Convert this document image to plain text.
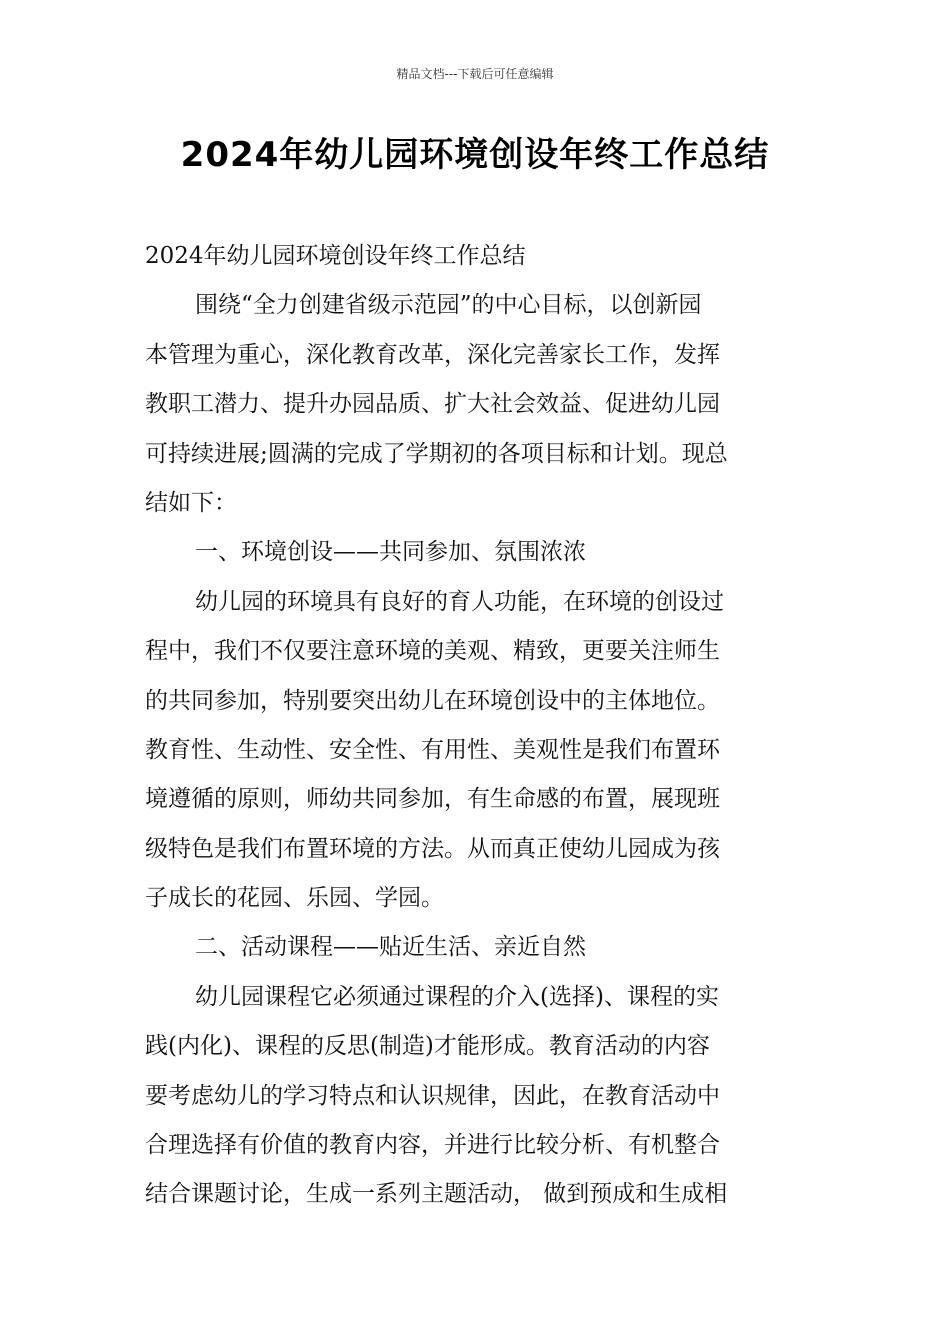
精品文档---下载后可任意编辑
2024年幼儿园环境创设年终工作总结
2024年幼儿园环境创设年终工作总结
围绕“全力创建省级示范园”的中心目标，以创新园
本管理为重心，深化教育改革，深化完善家长工作，发挥
教职工潜力、提升办园品质、扩大社会效益、促进幼儿园
可持续进展;圆满的完成了学期初的各项目标和计划。现总
结如下：
一、环境创设——共同参加、氛围浓浓
幼儿园的环境具有良好的育人功能，在环境的创设过
程中，我们不仅要注意环境的美观、精致，更要关注师生
的共同参加，特别要突出幼儿在环境创设中的主体地位。
教育性、生动性、安全性、有用性、美观性是我们布置环
境遵循的原则，师幼共同参加，有生命感的布置，展现班
级特色是我们布置环境的方法。从而真正使幼儿园成为孩
子成长的花园、乐园、学园。
二、活动课程——贴近生活、亲近自然
幼儿园课程它必须通过课程的介入(选择)、课程的实
践(内化)、课程的反思(制造)才能形成。教育活动的内容
要考虑幼儿的学习特点和认识规律，因此，在教育活动中
合理选择有价值的教育内容，并进行比较分析、有机整合
结合课题讨论，生成一系列主题活动， 做到预成和生成相
